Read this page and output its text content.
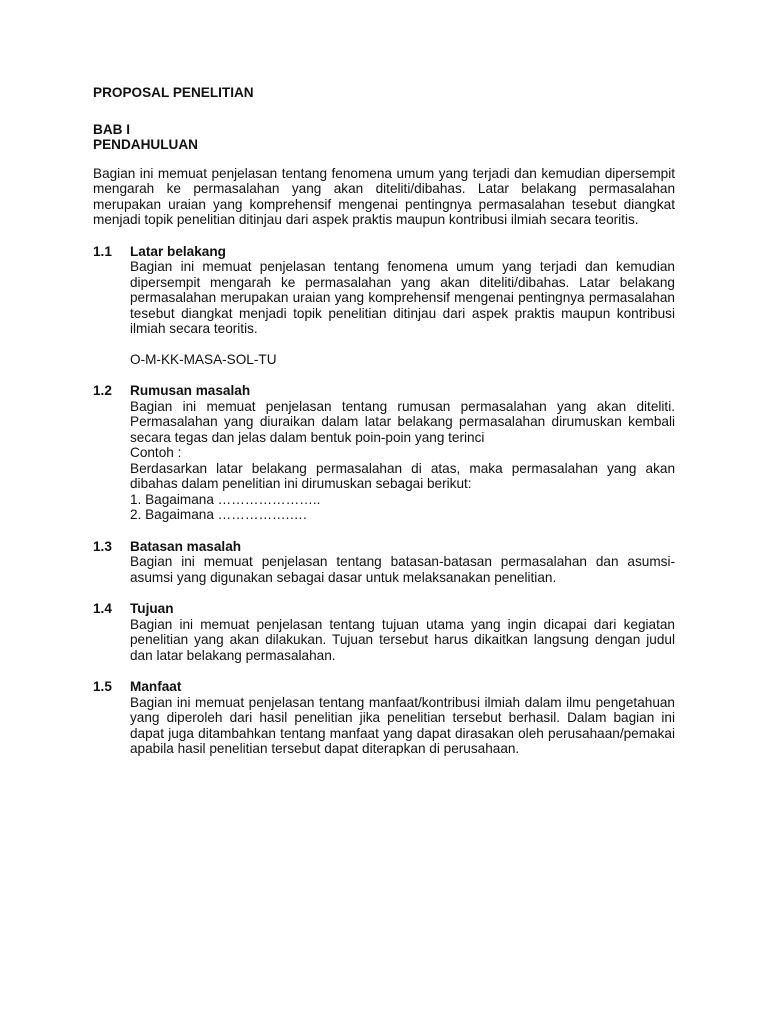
PROPOSAL PENELITIAN

BAB I

PENDAHULUAN

Bagian ini memuat penjelasan tentang fenomena umum yang terjadi dan kemudian dipersempit mengarah ke permasalahan yang akan diteliti/dibahas. Latar belakang permasalahan merupakan uraian yang komprehensif mengenai pentingnya permasalahan tesebut diangkat menjadi topik penelitian ditinjau dari aspek praktis maupun kontribusi ilmiah secara teoritis.

1.1	Latar belakang

Bagian ini memuat penjelasan tentang fenomena umum yang terjadi dan kemudian dipersempit mengarah ke permasalahan yang akan diteliti/dibahas. Latar belakang permasalahan merupakan uraian yang komprehensif mengenai pentingnya permasalahan tesebut diangkat menjadi topik penelitian ditinjau dari aspek praktis maupun kontribusi ilmiah secara teoritis.

O-M-KK-MASA-SOL-TU

1.2	Rumusan masalah

Bagian ini memuat penjelasan tentang rumusan permasalahan yang akan diteliti. Permasalahan yang diuraikan dalam latar belakang permasalahan dirumuskan kembali secara tegas dan jelas dalam bentuk poin-poin yang terinci

Contoh :

Berdasarkan latar belakang permasalahan di atas, maka permasalahan yang akan dibahas dalam penelitian ini dirumuskan sebagai berikut:

1. Bagaimana …………………..
2. Bagaimana …………….….
1.3	Batasan masalah

Bagian ini memuat penjelasan tentang batasan-batasan permasalahan dan asumsi-asumsi yang digunakan sebagai dasar untuk melaksanakan penelitian.

1.4	Tujuan

Bagian ini memuat penjelasan tentang tujuan utama yang ingin dicapai dari kegiatan penelitian yang akan dilakukan. Tujuan tersebut harus dikaitkan langsung dengan judul dan latar belakang permasalahan.

1.5	Manfaat

Bagian ini memuat penjelasan tentang manfaat/kontribusi ilmiah dalam ilmu pengetahuan yang diperoleh dari hasil penelitian jika penelitian tersebut berhasil. Dalam bagian ini dapat juga ditambahkan tentang manfaat yang dapat dirasakan oleh perusahaan/pemakai apabila hasil penelitian tersebut dapat diterapkan di perusahaan.
